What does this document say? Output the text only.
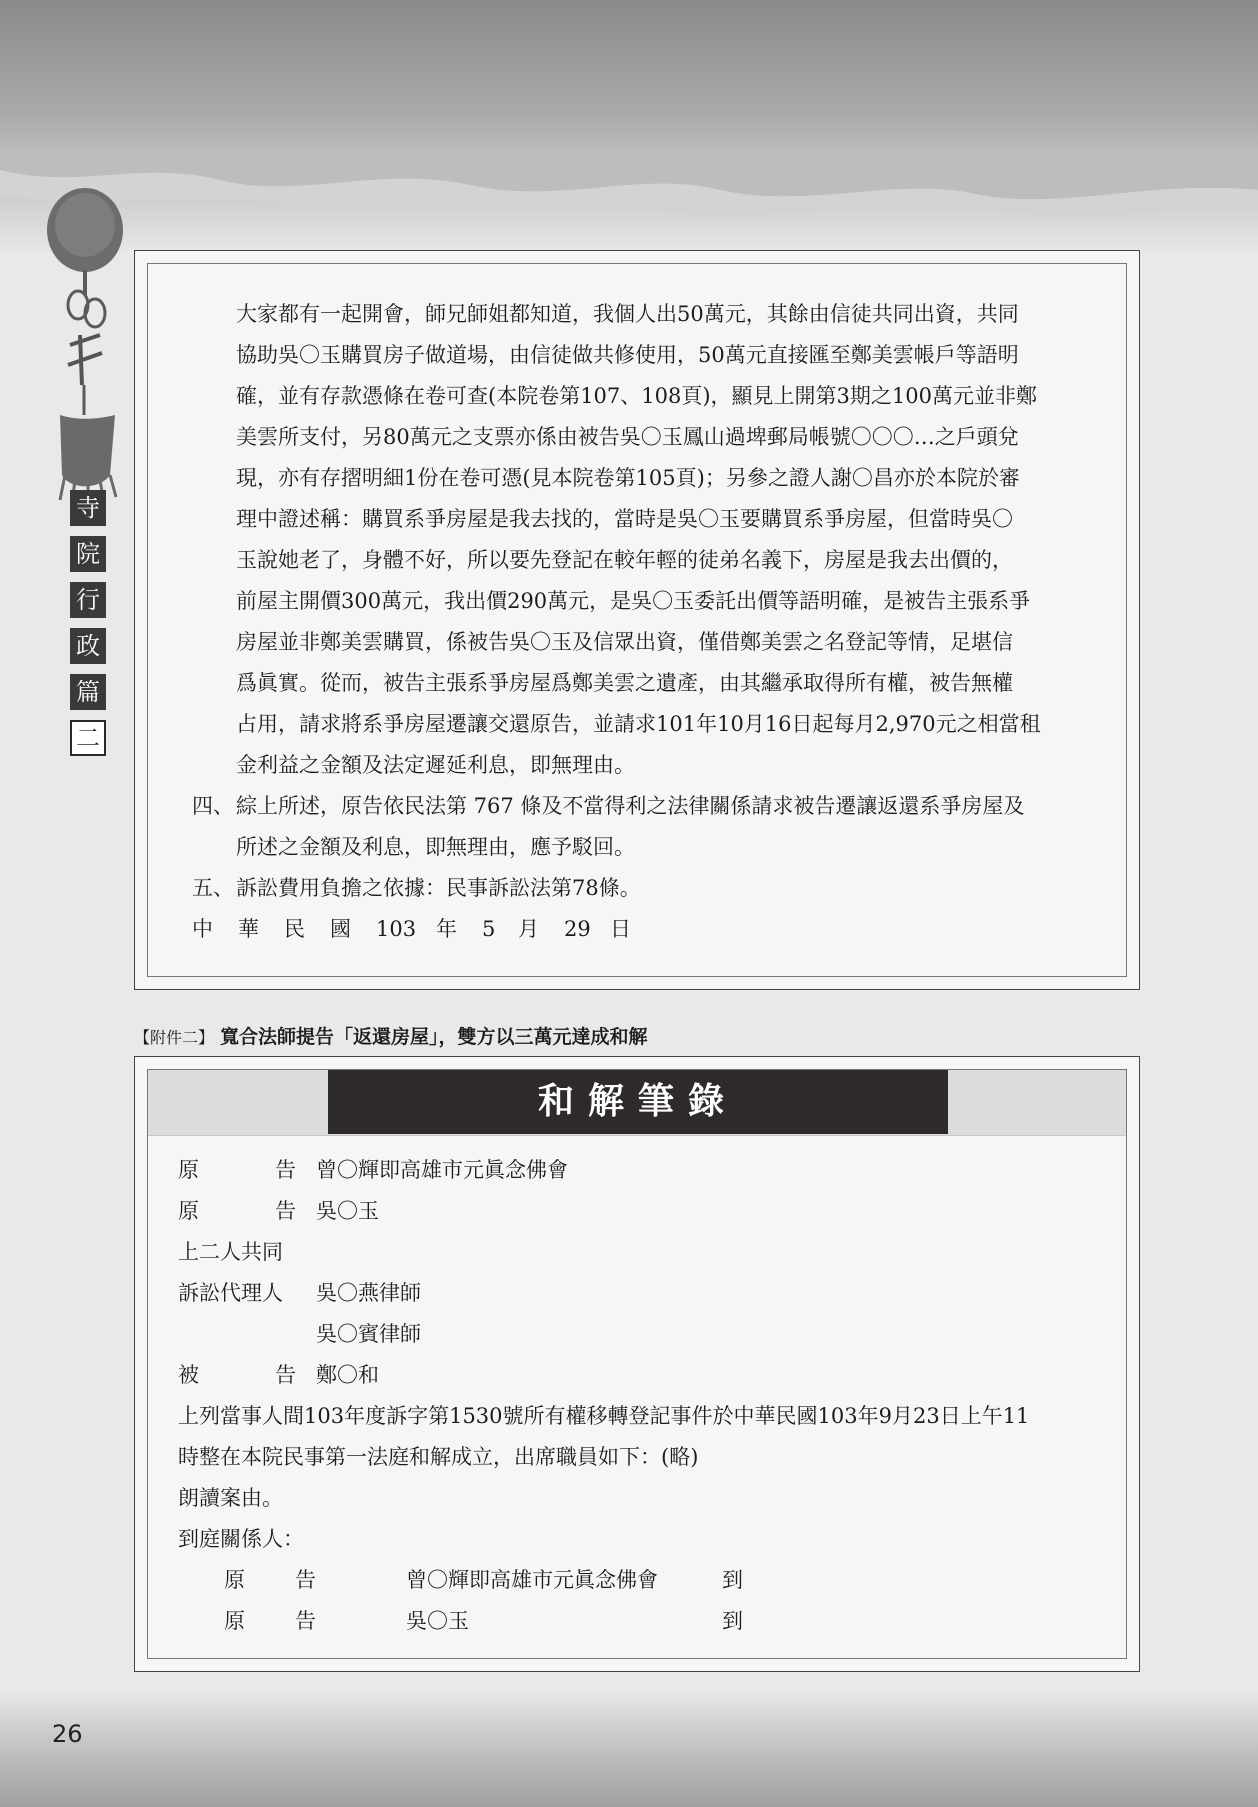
寺
院
行
政
篇
二

大家都有一起開會，師兄師姐都知道，我個人出50萬元，其餘由信徒共同出資，共同

協助吳〇玉購買房子做道場，由信徒做共修使用，50萬元直接匯至鄭美雲帳戶等語明

確，並有存款憑條在卷可查(本院卷第107、108頁)，顯見上開第3期之100萬元並非鄭

美雲所支付，另80萬元之支票亦係由被告吳〇玉鳳山過埤郵局帳號〇〇〇…之戶頭兌

現，亦有存摺明細1份在卷可憑(見本院卷第105頁)；另參之證人謝〇昌亦於本院於審

理中證述稱：購買系爭房屋是我去找的，當時是吳〇玉要購買系爭房屋，但當時吳〇

玉說她老了，身體不好，所以要先登記在較年輕的徒弟名義下，房屋是我去出價的，

前屋主開價300萬元，我出價290萬元，是吳〇玉委託出價等語明確，是被告主張系爭

房屋並非鄭美雲購買，係被告吳〇玉及信眾出資，僅借鄭美雲之名登記等情，足堪信

爲眞實。從而，被告主張系爭房屋爲鄭美雲之遺產，由其繼承取得所有權，被告無權

占用，請求將系爭房屋遷讓交還原告，並請求101年10月16日起每月2,970元之相當租

金利益之金額及法定遲延利息，即無理由。

四、 綜上所述，原告依民法第 767 條及不當得利之法律關係請求被告遷讓返還系爭房屋及
所述之金額及利息，即無理由，應予駁回。
五、 訴訟費用負擔之依據：民事訴訟法第78條。
中	華	民	國	103 年	5	月	29 日
【附件二】 寬合法師提告「返還房屋」，雙方以三萬元達成和解
和解筆錄
原	告 曾〇輝即高雄市元眞念佛會
原	告 吳〇玉
上二人共同
訴訟代理人	吳〇燕律師
吳〇賓律師
被	告 鄭〇和
上列當事人間103年度訴字第1530號所有權移轉登記事件於中華民國103年9月23日上午11
時整在本院民事第一法庭和解成立，出席職員如下：(略)
朗讀案由。
到庭關係人：
原 告	曾〇輝即高雄市元眞念佛會	到
原 告	吳〇玉	到
26
